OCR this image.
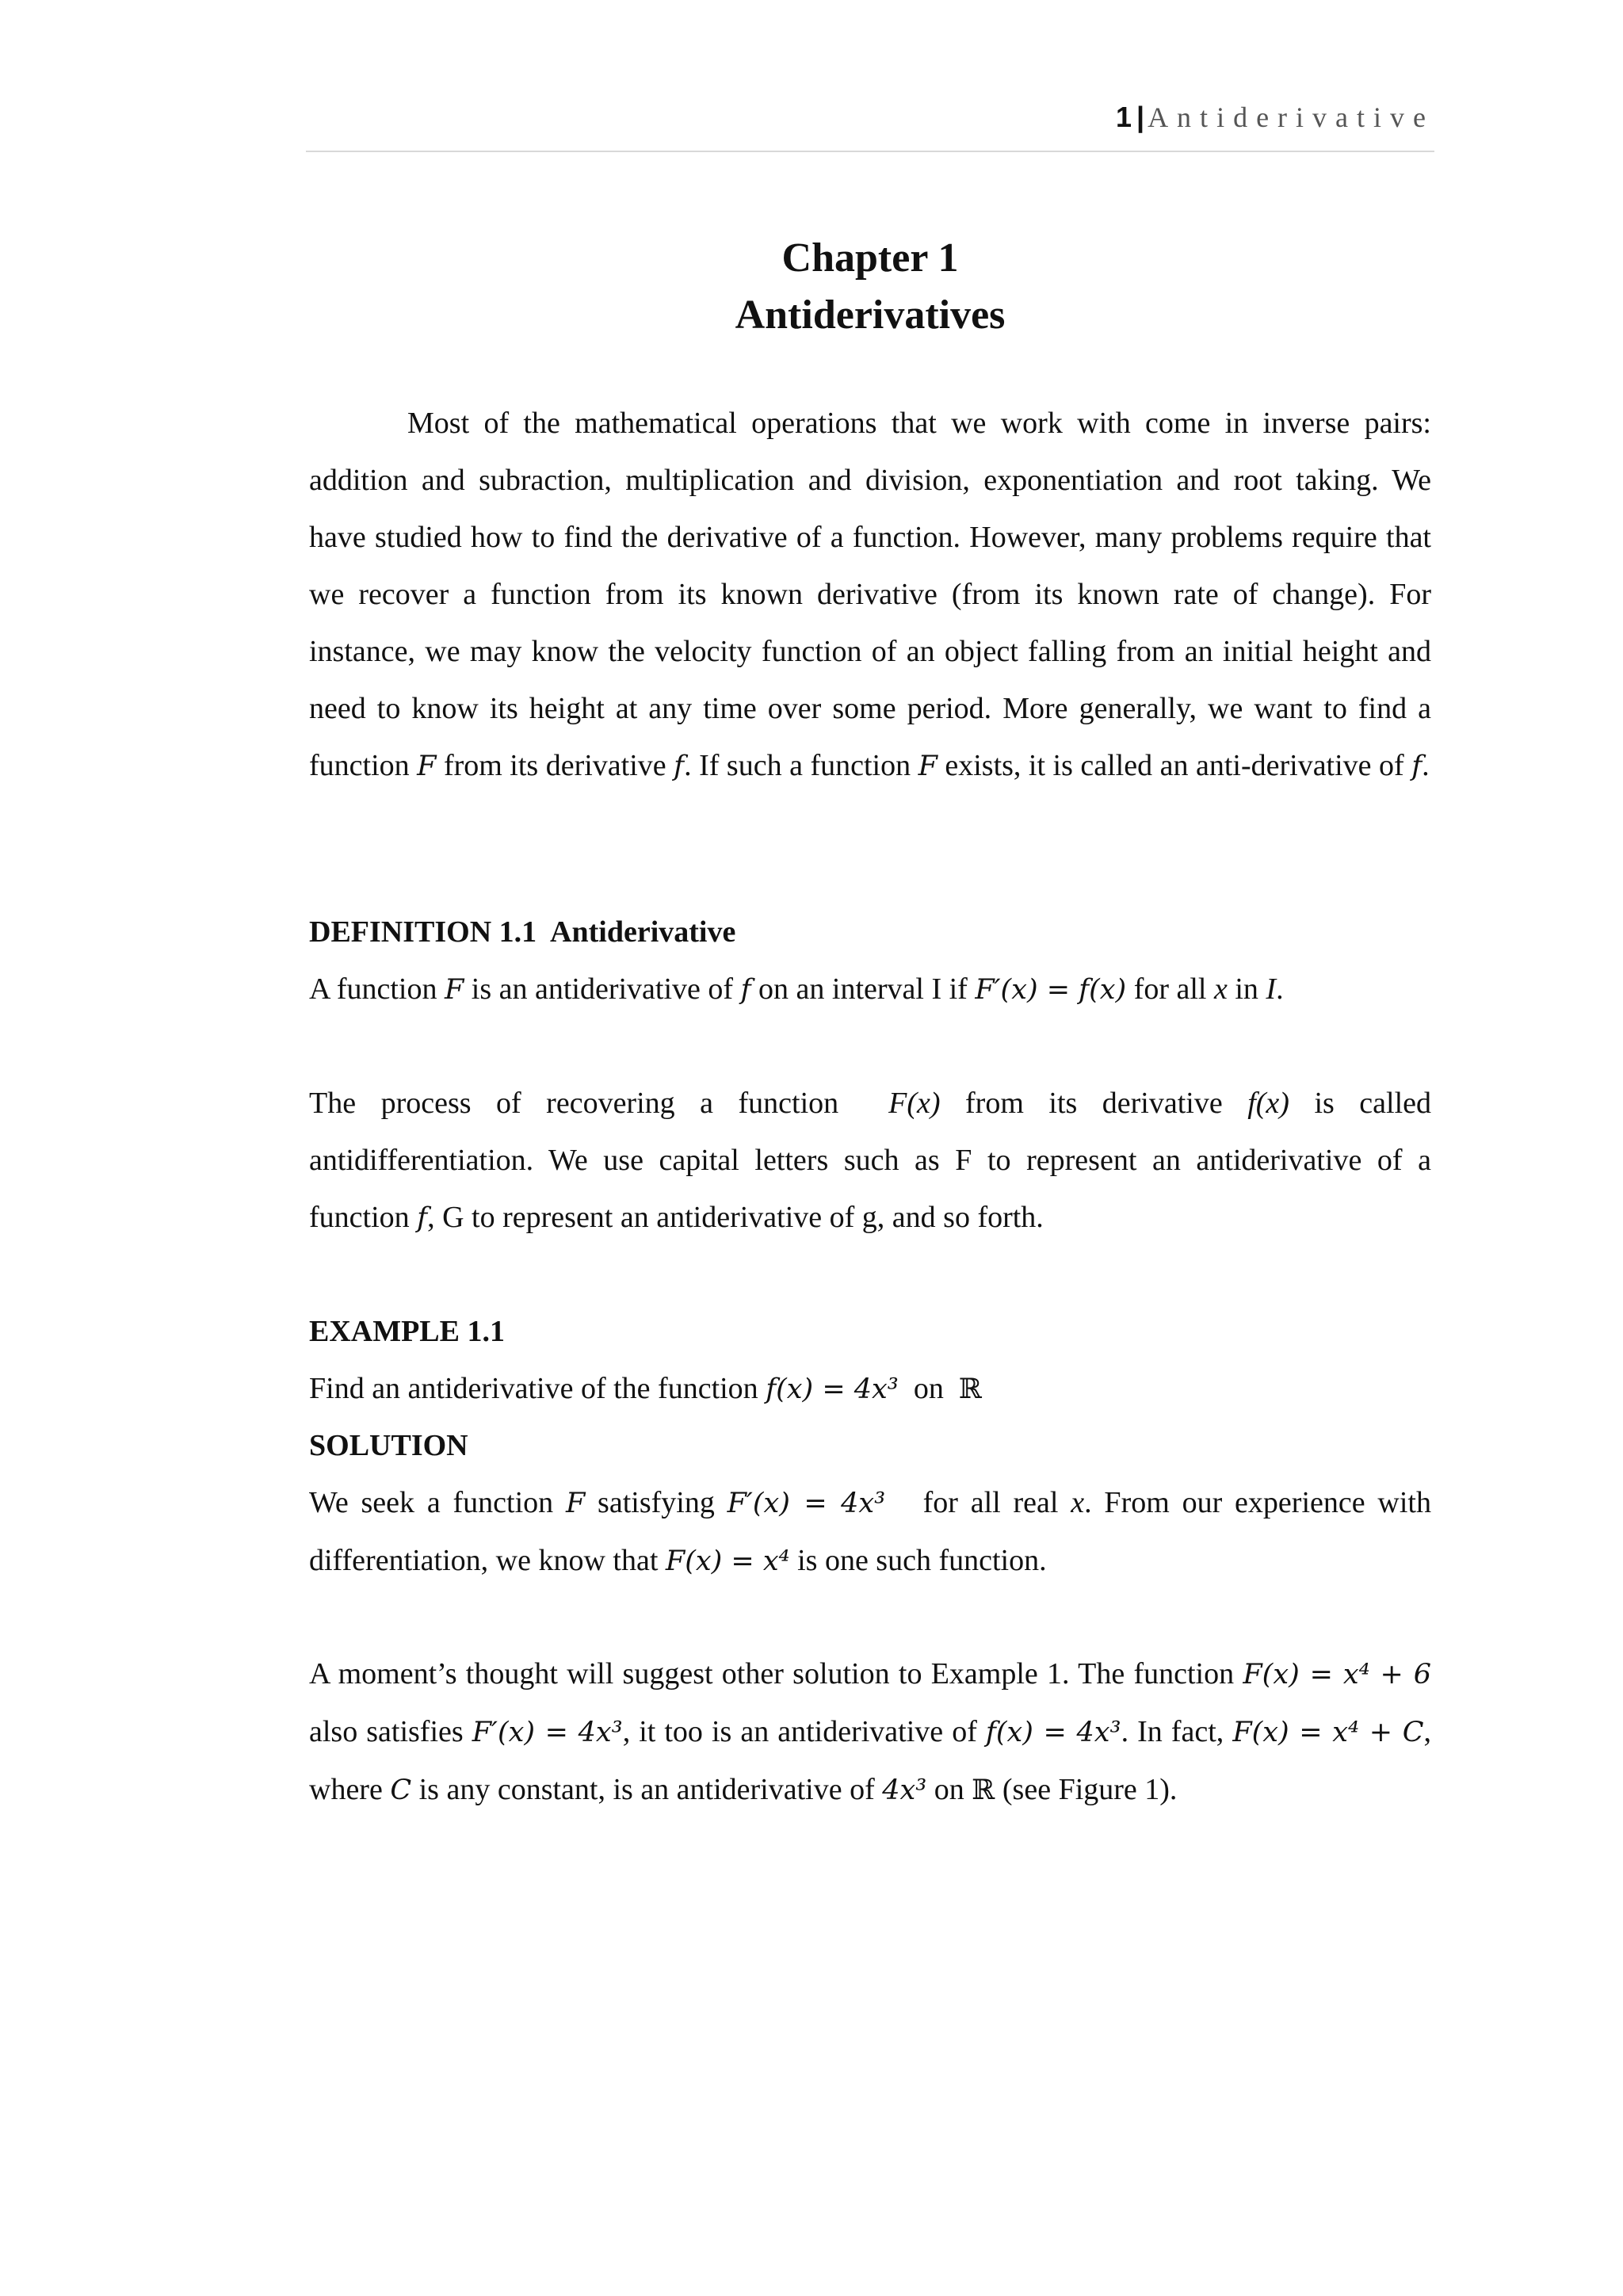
1 | Antiderivative
Chapter 1
Antiderivatives
Most of the mathematical operations that we work with come in inverse pairs: addition and subraction, multiplication and division, exponentiation and root taking. We have studied how to find the derivative of a function. However, many problems require that we recover a function from its known derivative (from its known rate of change). For instance, we may know the velocity function of an object falling from an initial height and need to know its height at any time over some period. More generally, we want to find a function F from its derivative f. If such a function F exists, it is called an anti-derivative of f.
DEFINITION 1.1  Antiderivative
A function F is an antiderivative of f on an interval I if F′(x) = f(x) for all x in I.
The process of recovering a function  F(x) from its derivative f(x) is called antidifferentiation. We use capital letters such as F to represent an antiderivative of a function f, G to represent an antiderivative of g, and so forth.
EXAMPLE 1.1
Find an antiderivative of the function f(x) = 4x³  on  ℝ
SOLUTION
We seek a function F satisfying F′(x) = 4x³   for all real x. From our experience with differentiation, we know that F(x) = x⁴ is one such function.
A moment’s thought will suggest other solution to Example 1. The function F(x) = x⁴ + 6 also satisfies F′(x) = 4x³, it too is an antiderivative of f(x) = 4x³. In fact, F(x) = x⁴ + C, where C is any constant, is an antiderivative of 4x³ on ℝ (see Figure 1).
